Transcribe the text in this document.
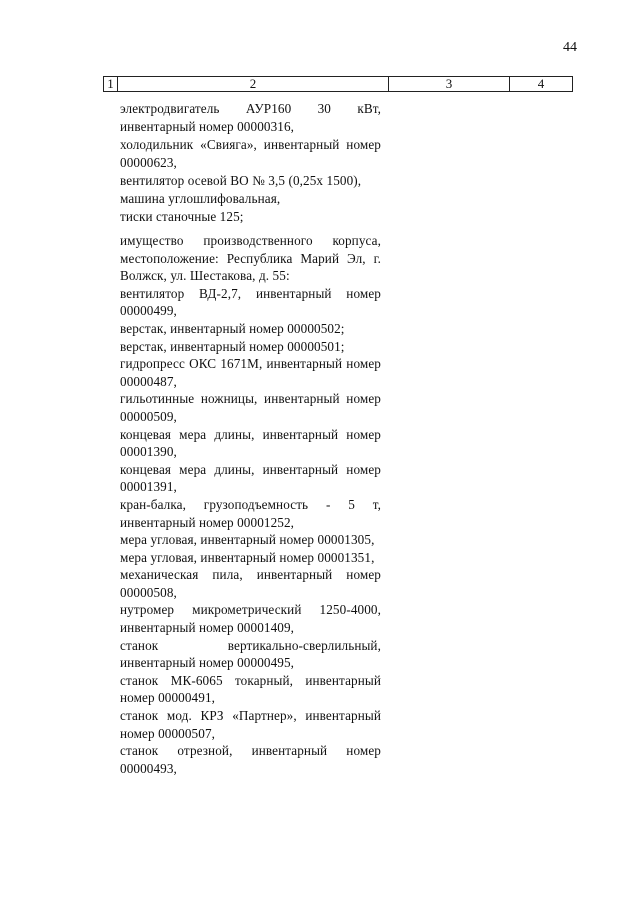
44
1	2	3	4
электродвигатель АУР160 30 кВт, инвентарный номер 00000316,
холодильник «Свияга», инвентарный номер 00000623,
вентилятор осевой ВО № 3,5 (0,25х 1500),
машина углошлифовальная,
тиски станочные 125;
имущество производственного корпуса, местоположение: Республика Марий Эл, г. Волжск, ул. Шестакова, д. 55:
вентилятор ВД-2,7, инвентарный номер 00000499,
верстак, инвентарный номер 00000502;
верстак, инвентарный номер 00000501;
гидропресс ОКС 1671М, инвентарный номер 00000487,
гильотинные ножницы, инвентарный номер 00000509,
концевая мера длины, инвентарный номер 00001390,
концевая мера длины, инвентарный номер 00001391,
кран-балка, грузоподъемность - 5 т, инвентарный номер 00001252,
мера угловая, инвентарный номер 00001305,
мера угловая, инвентарный номер 00001351,
механическая пила, инвентарный номер 00000508,
нутромер микрометрический 1250-4000, инвентарный номер 00001409,
станок вертикально-сверлильный, инвентарный номер 00000495,
станок МК-6065 токарный, инвентарный номер 00000491,
станок мод. КРЗ «Партнер», инвентарный номер 00000507,
станок отрезной, инвентарный номер 00000493,
